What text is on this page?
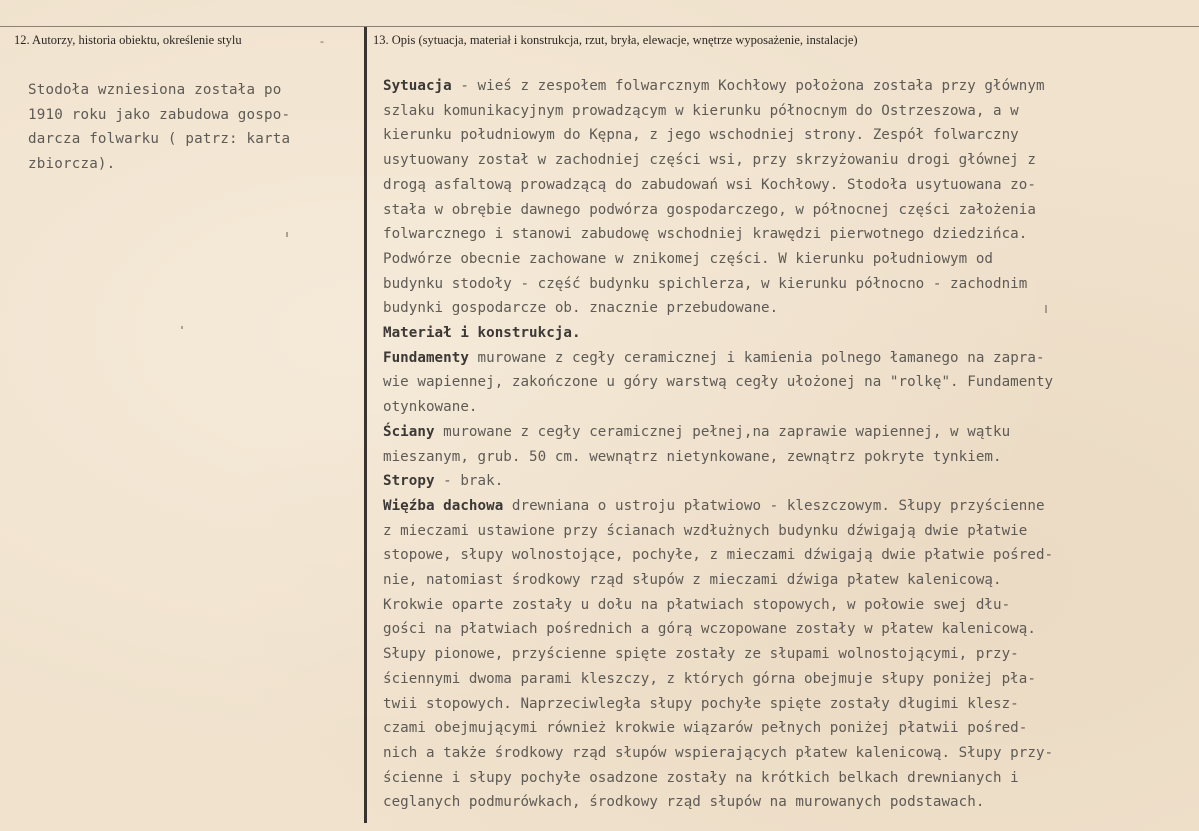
12. Autorzy, historia obiektu, określenie stylu	-	13. Opis (sytuacja, materiał i konstrukcja, rzut, bryła, elewacje, wnętrze wyposażenie, instalacje)
Stodoła wzniesiona została po
1910 roku jako zabudowa gospo-
darcza folwarku ( patrz: karta
zbiorcza).
Sytuacja - wieś z zespołem folwarcznym Kochłowy położona została przy głównym
szlaku komunikacyjnym prowadzącym w kierunku północnym do Ostrzeszowa, a w
kierunku południowym do Kępna, z jego wschodniej strony. Zespół folwarczny
usytuowany został w zachodniej części wsi, przy skrzyżowaniu drogi głównej z
drogą asfaltową prowadzącą do zabudowań wsi Kochłowy. Stodoła usytuowana zo-
stała w obrębie dawnego podwórza gospodarczego, w północnej części założenia
folwarcznego i stanowi zabudowę wschodniej krawędzi pierwotnego dziedzińca.
Podwórze obecnie zachowane w znikomej części. W kierunku południowym od
budynku stodoły - część budynku spichlerza, w kierunku północno - zachodnim
budynki gospodarcze ob. znacznie przebudowane.
Materiał i konstrukcja.
Fundamenty murowane z cegły ceramicznej i kamienia polnego łamanego na zapra-
wie wapiennej, zakończone u góry warstwą cegły ułożonej na "rolkę". Fundamenty
otynkowane.
Ściany murowane z cegły ceramicznej pełnej,na zaprawie wapiennej, w wątku
mieszanym, grub. 50 cm. wewnątrz nietynkowane, zewnątrz pokryte tynkiem.
Stropy - brak.
Więźba dachowa drewniana o ustroju płatwiowo - kleszczowym. Słupy przyścienne
z mieczami ustawione przy ścianach wzdłużnych budynku dźwigają dwie płatwie
stopowe, słupy wolnostojące, pochyłe, z mieczami dźwigają dwie płatwie pośred-
nie, natomiast środkowy rząd słupów z mieczami dźwiga płatew kalenicową.
Krokwie oparte zostały u dołu na płatwiach stopowych, w połowie swej dłu-
gości na płatwiach pośrednich a górą wczopowane zostały w płatew kalenicową.
Słupy pionowe, przyścienne spięte zostały ze słupami wolnostojącymi, przy-
ściennymi dwoma parami kleszczy, z których górna obejmuje słupy poniżej pła-
twii stopowych. Naprzeciwległa słupy pochyłe spięte zostały długimi klesz-
czami obejmującymi również krokwie wiązarów pełnych poniżej płatwii pośred-
nich a także środkowy rząd słupów wspierających płatew kalenicową. Słupy przy-
ścienne i słupy pochyłe osadzone zostały na krótkich belkach drewnianych i
ceglanych podmurówkach, środkowy rząd słupów na murowanych podstawach.
